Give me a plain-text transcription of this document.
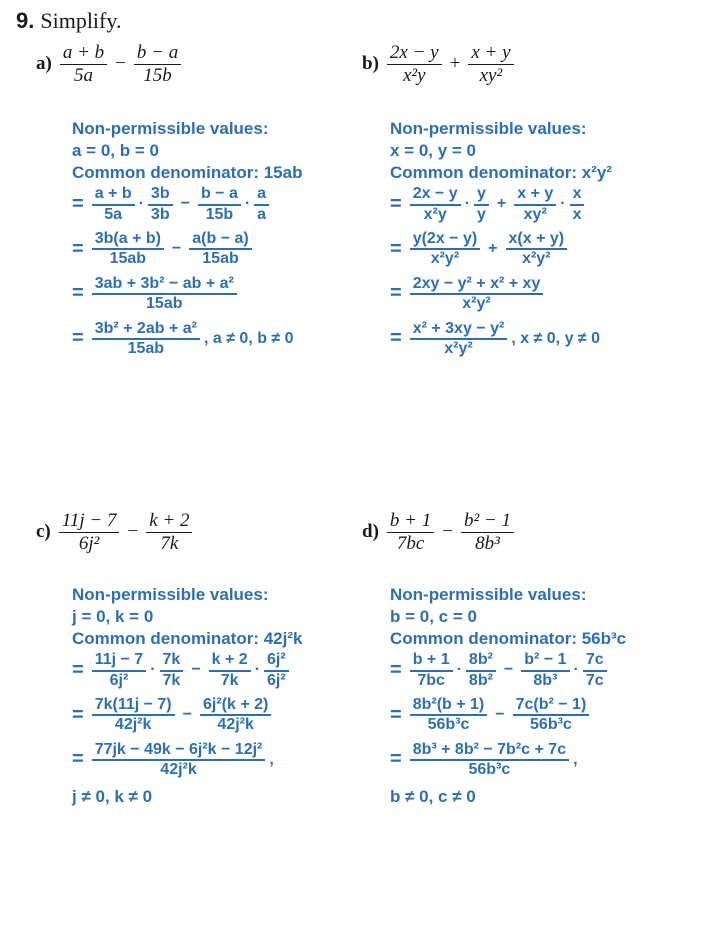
9. Simplify.
$a) \frac{a + b}{5a} - \frac{b - a}{15b}$
Non-permissible values:
a = 0, b = 0
Common denominator: 15ab
= $\frac{a + b}{5a} \cdot \frac{3b}{3b} - \frac{b - a}{15b} \cdot \frac{a}{a}$
= $\frac{3b(a + b)}{15ab} - \frac{a(b - a)}{15ab}$
= $\frac{\text{3ab + 3b² − ab + a²}}{15ab}$
= $\frac{\text{3b² + 2ab + a²}}{15ab}$ , a ≠ 0, b ≠ 0
$b) \frac{2x - y}{\text{x²y}} + \frac{x + y}{\text{xy²}}$
Non-permissible values:
x = 0, y = 0
Common denominator: x²y²
= $\frac{2x - y}{\text{x²y}} \cdot \frac{y}{y} + \frac{x + y}{\text{xy²}} \cdot \frac{x}{x}$
= $\frac{y(2x - y)}{\text{x²y²}} + \frac{x(x + y)}{\text{x²y²}}$
= $\frac{\text{2xy − y² + x² + xy}}{\text{x²y²}}$
= $\frac{\text{x² + 3xy − y²}}{\text{x²y²}}$ , x ≠ 0, y ≠ 0
$c) \frac{11j - 7}{\text{6j²}} - \frac{k + 2}{7k}$
Non-permissible values:
j = 0, k = 0
Common denominator: 42j²k
= $\frac{11j - 7}{\text{6j²}} \cdot \frac{7k}{7k} - \frac{k + 2}{7k} \cdot \frac{\text{6j²}}{\text{6j²}}$
= $\frac{7k(11j - 7)}{\text{42j²k}} - \frac{\text{6j²(k + 2)}}{\text{42j²k}}$
= $\frac{\text{77jk − 49k − 6j²k − 12j²}}{\text{42j²k}}$ ,
j ≠ 0, k ≠ 0
$d) \frac{b + 1}{7bc} - \frac{\text{b² − 1}}{\text{8b³}}$
Non-permissible values:
b = 0, c = 0
Common denominator: 56b³c
= $\frac{b + 1}{7bc} \cdot \frac{\text{8b²}}{\text{8b²}} - \frac{\text{b² − 1}}{\text{8b³}} \cdot \frac{7c}{7c}$
= $\frac{\text{8b²(b + 1)}}{\text{56b³c}} - \frac{\text{7c(b² − 1)}}{\text{56b³c}}$
= $\frac{\text{8b³ + 8b² − 7b²c + 7c}}{\text{56b³c}}$ ,
b ≠ 0, c ≠ 0
